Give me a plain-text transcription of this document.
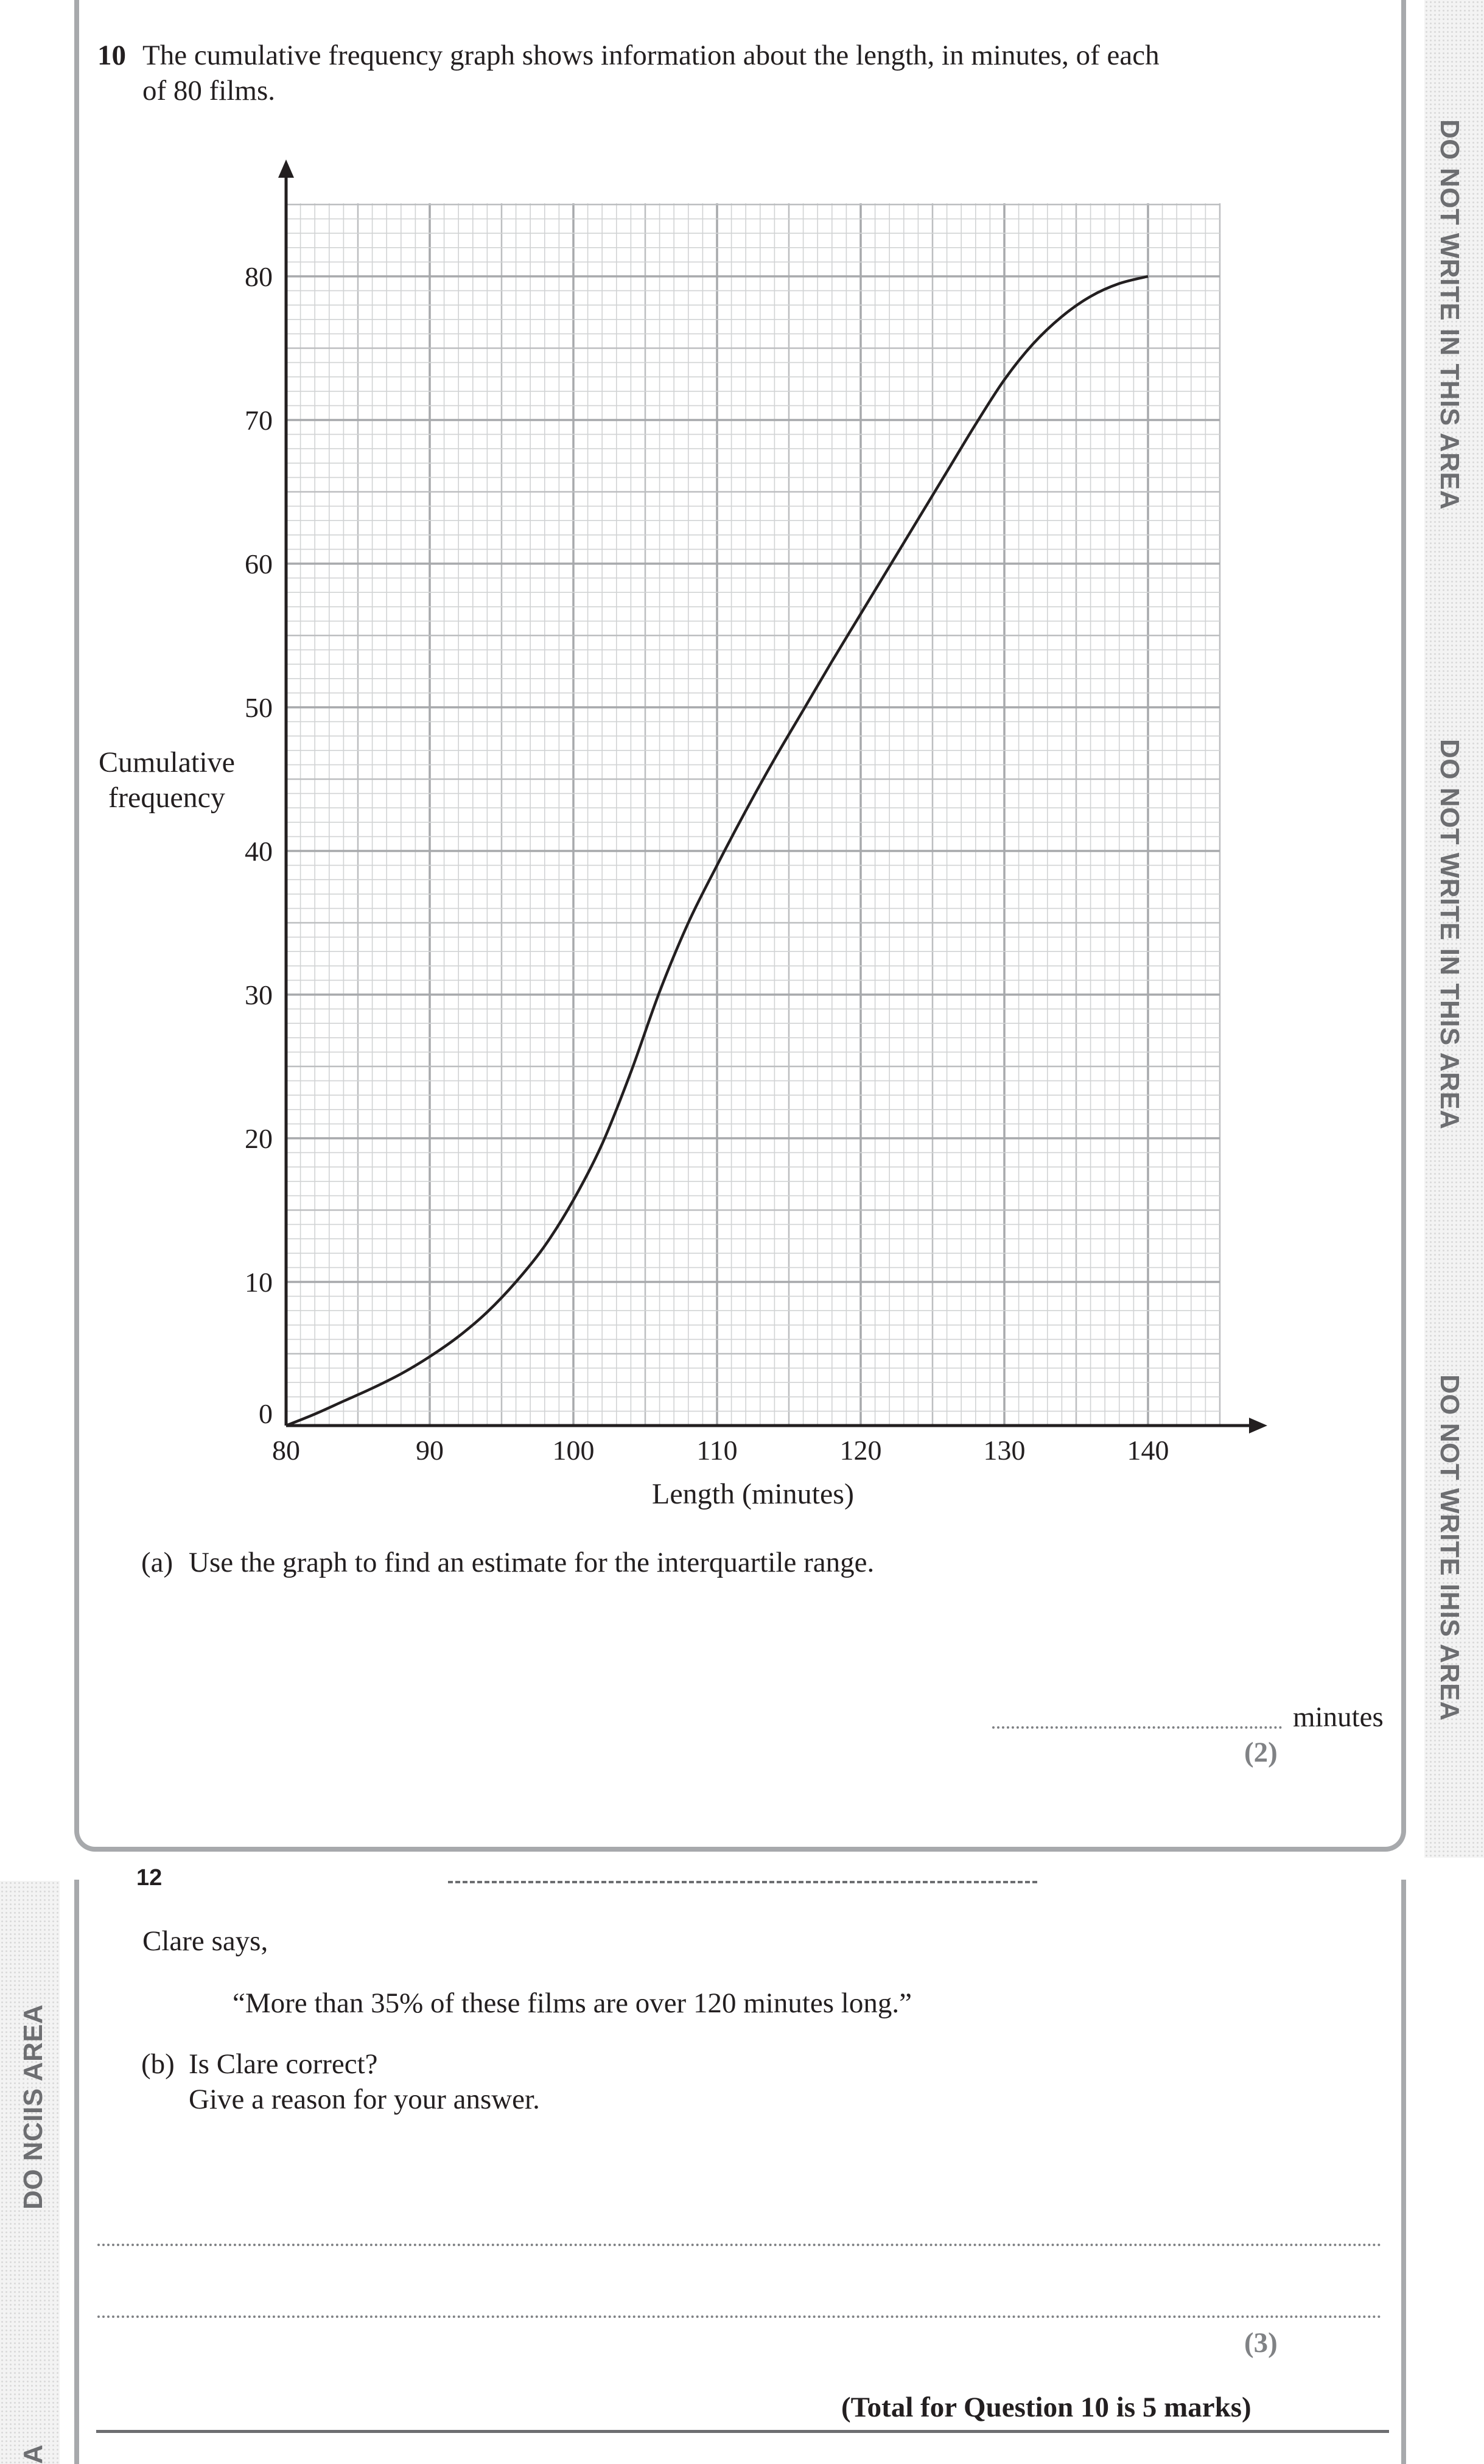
DO NOT WRITE IN THIS AREA
DO NOT WRITE IN THIS AREA
DO NOT WRITE IHIS AREA
DO NCIIS AREA
A
10 The cumulative frequency graph shows information about the length, in minutes, of each
of 80 films.
80	90	100	110	120	130	140
0
10
20
30
40
50
60
70
80
Length (minutes)
Cumulative
frequency
(a) Use the graph to find an estimate for the interquartile range.
minutes
(2)
12
Clare says,
“More than 35% of these films are over 120 minutes long.”
(b) Is Clare correct?
Give a reason for your answer.
(3)
(Total for Question 10 is 5 marks)
